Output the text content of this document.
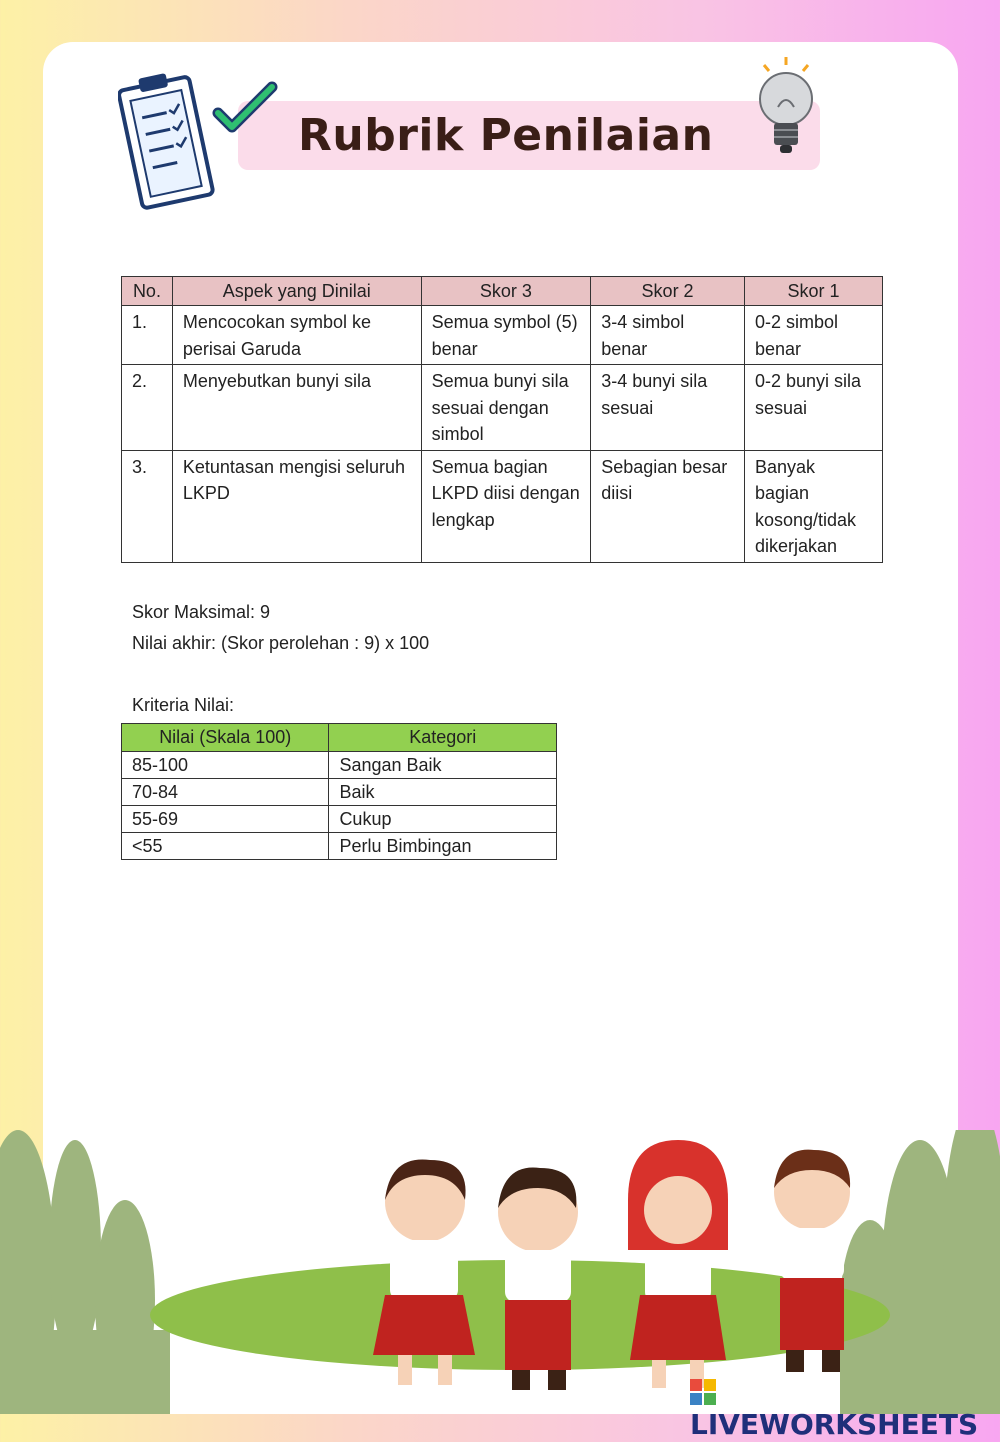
Rubrik Penilaian
No.	Aspek yang Dinilai	Skor 3	Skor 2	Skor 1
1.	Mencocokan symbol ke perisai Garuda	Semua symbol (5) benar	3-4 simbol benar	0-2 simbol benar
2.	Menyebutkan bunyi sila	Semua bunyi sila sesuai dengan simbol	3-4 bunyi sila sesuai	0-2 bunyi sila sesuai
3.	Ketuntasan mengisi seluruh LKPD	Semua bagian LKPD diisi dengan lengkap	Sebagian besar diisi	Banyak bagian kosong/tidak dikerjakan
Skor Maksimal: 9
Nilai akhir: (Skor perolehan : 9) x 100
Kriteria Nilai:
Nilai (Skala 100)	Kategori
85-100	Sangan Baik
70-84	Baik
55-69	Cukup
<55	Perlu Bimbingan
LIVEWORKSHEETS
